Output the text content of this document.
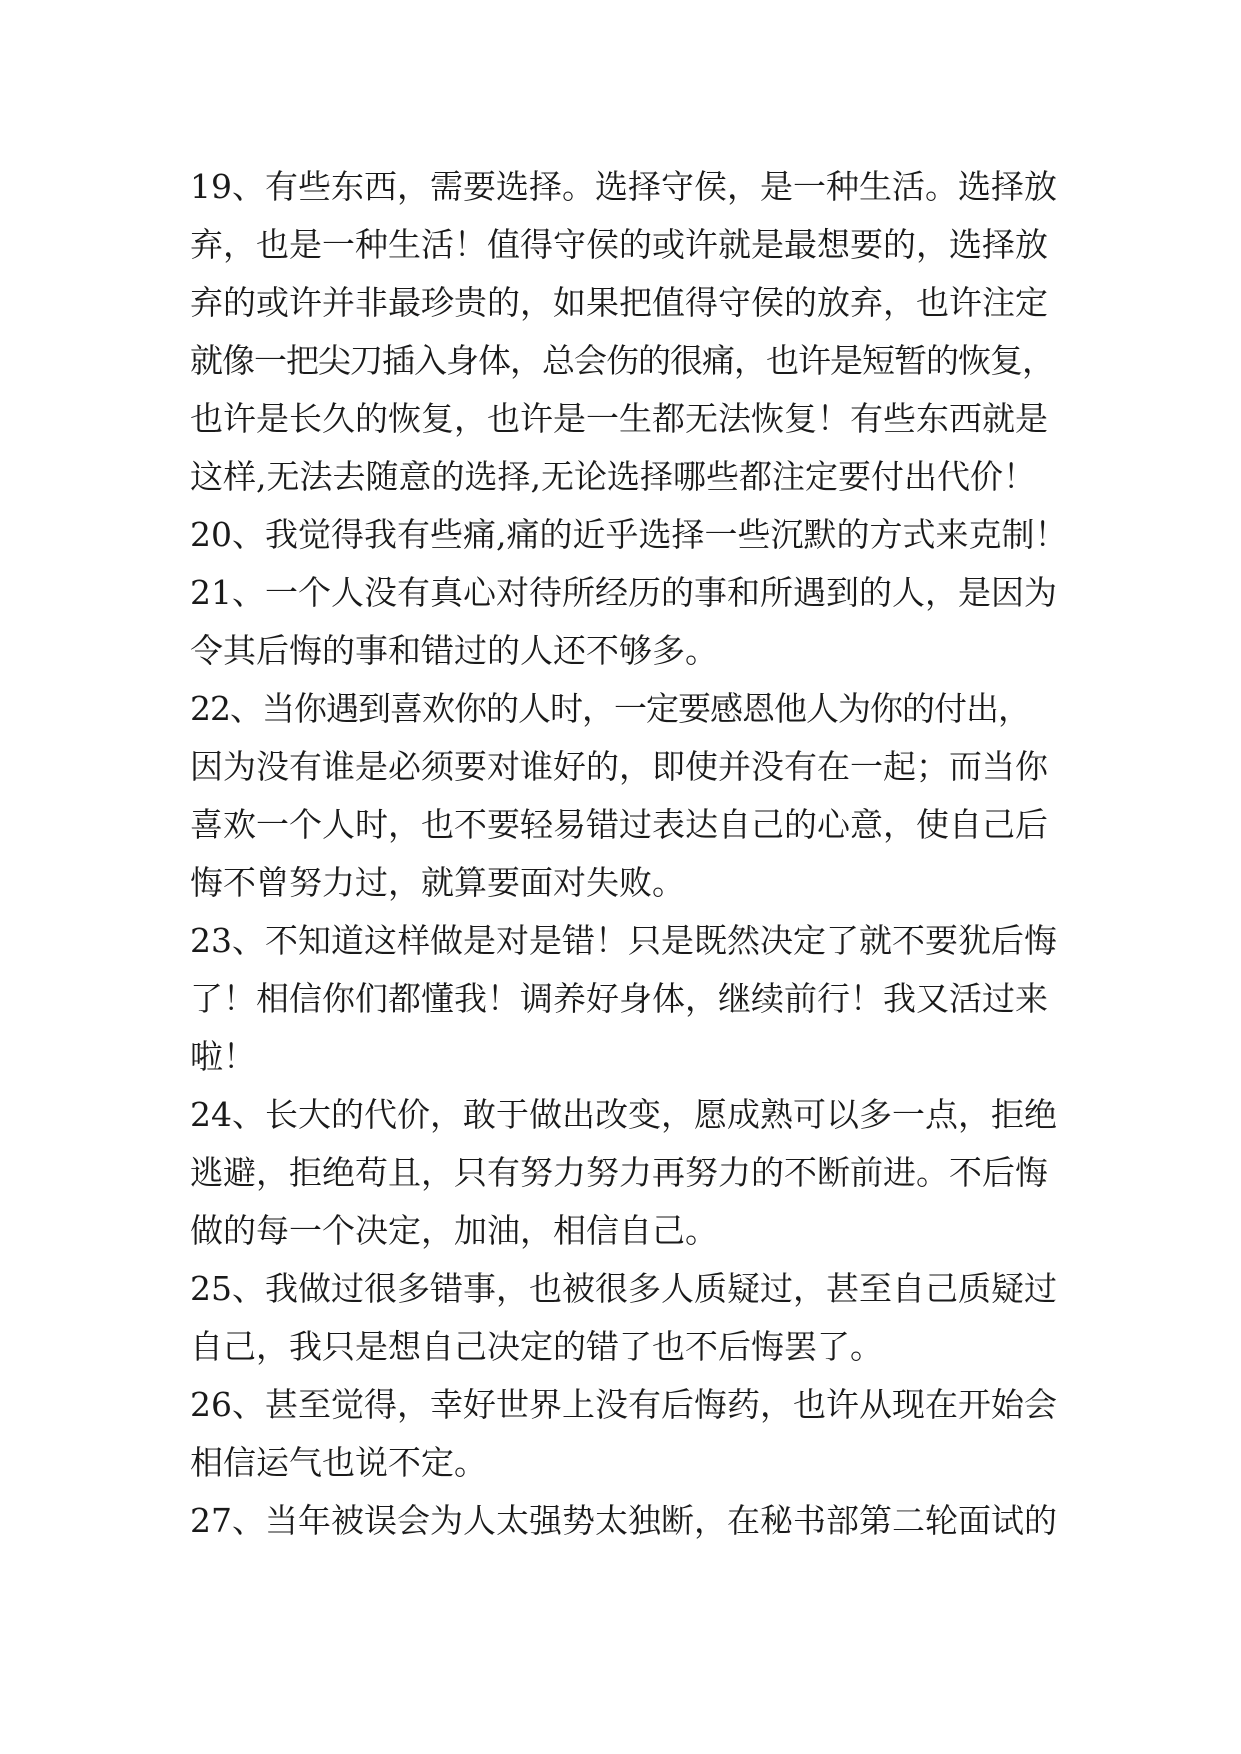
19、有些东西，需要选择。选择守侯，是一种生活。选择放
弃，也是一种生活！值得守侯的或许就是最想要的，选择放
弃的或许并非最珍贵的，如果把值得守侯的放弃，也许注定
就像一把尖刀插入身体，总会伤的很痛，也许是短暂的恢复，
也许是长久的恢复，也许是一生都无法恢复！有些东西就是
这样,无法去随意的选择,无论选择哪些都注定要付出代价！
20、我觉得我有些痛,痛的近乎选择一些沉默的方式来克制！
21、一个人没有真心对待所经历的事和所遇到的人，是因为
令其后悔的事和错过的人还不够多。
22、当你遇到喜欢你的人时，一定要感恩他人为你的付出，
因为没有谁是必须要对谁好的，即使并没有在一起；而当你
喜欢一个人时，也不要轻易错过表达自己的心意，使自己后
悔不曾努力过，就算要面对失败。
23、不知道这样做是对是错！只是既然决定了就不要犹后悔
了！相信你们都懂我！调养好身体，继续前行！我又活过来
啦！
24、长大的代价，敢于做出改变，愿成熟可以多一点，拒绝
逃避，拒绝苟且，只有努力努力再努力的不断前进。不后悔
做的每一个决定，加油，相信自己。
25、我做过很多错事，也被很多人质疑过，甚至自己质疑过
自己，我只是想自己决定的错了也不后悔罢了。
26、甚至觉得，幸好世界上没有后悔药，也许从现在开始会
相信运气也说不定。
27、当年被误会为人太强势太独断，在秘书部第二轮面试的
